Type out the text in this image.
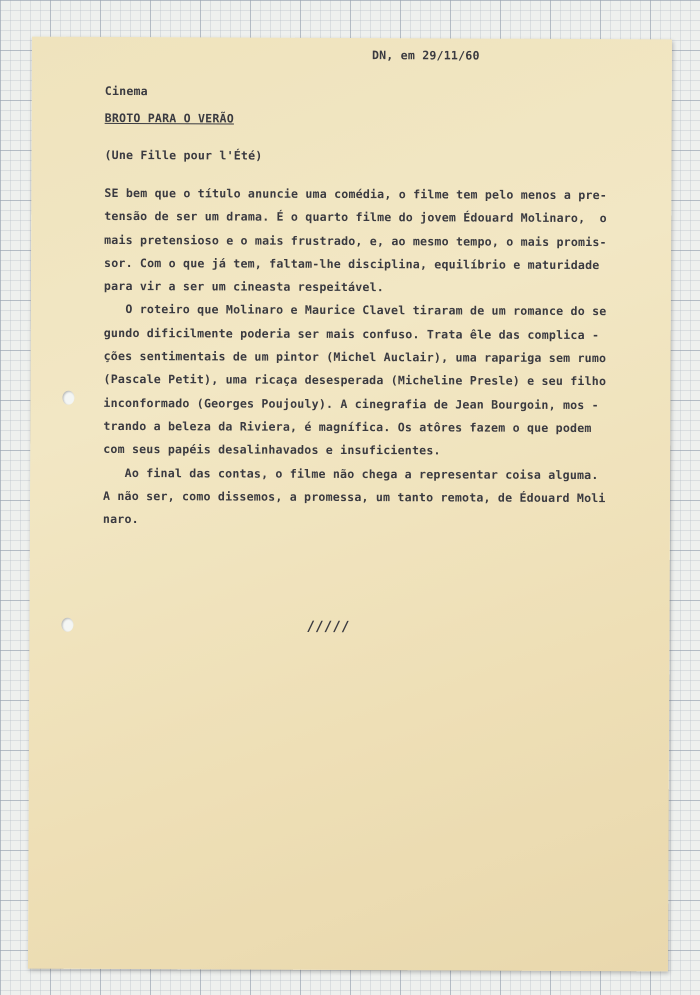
DN, em 29/11/60
Cinema
BROTO PARA O VERÃO
(Une Fille pour l'Été)
SE bem que o título anuncie uma comédia, o filme tem pelo menos a pre-
tensão de ser um drama. É o quarto filme do jovem Édouard Molinaro,  o
mais pretensioso e o mais frustrado, e, ao mesmo tempo, o mais promis-
sor. Com o que já tem, faltam-lhe disciplina, equilíbrio e maturidade
para vir a ser um cineasta respeitável.
O roteiro que Molinaro e Maurice Clavel tiraram de um romance do se
gundo dificilmente poderia ser mais confuso. Trata êle das complica -
ções sentimentais de um pintor (Michel Auclair), uma rapariga sem rumo
(Pascale Petit), uma ricaça desesperada (Micheline Presle) e seu filho
inconformado (Georges Poujouly). A cinegrafia de Jean Bourgoin, mos -
trando a beleza da Riviera, é magnífica. Os atôres fazem o que podem
com seus papéis desalinhavados e insuficientes.
Ao final das contas, o filme não chega a representar coisa alguma.
A não ser, como dissemos, a promessa, um tanto remota, de Édouard Moli
naro.
/////
